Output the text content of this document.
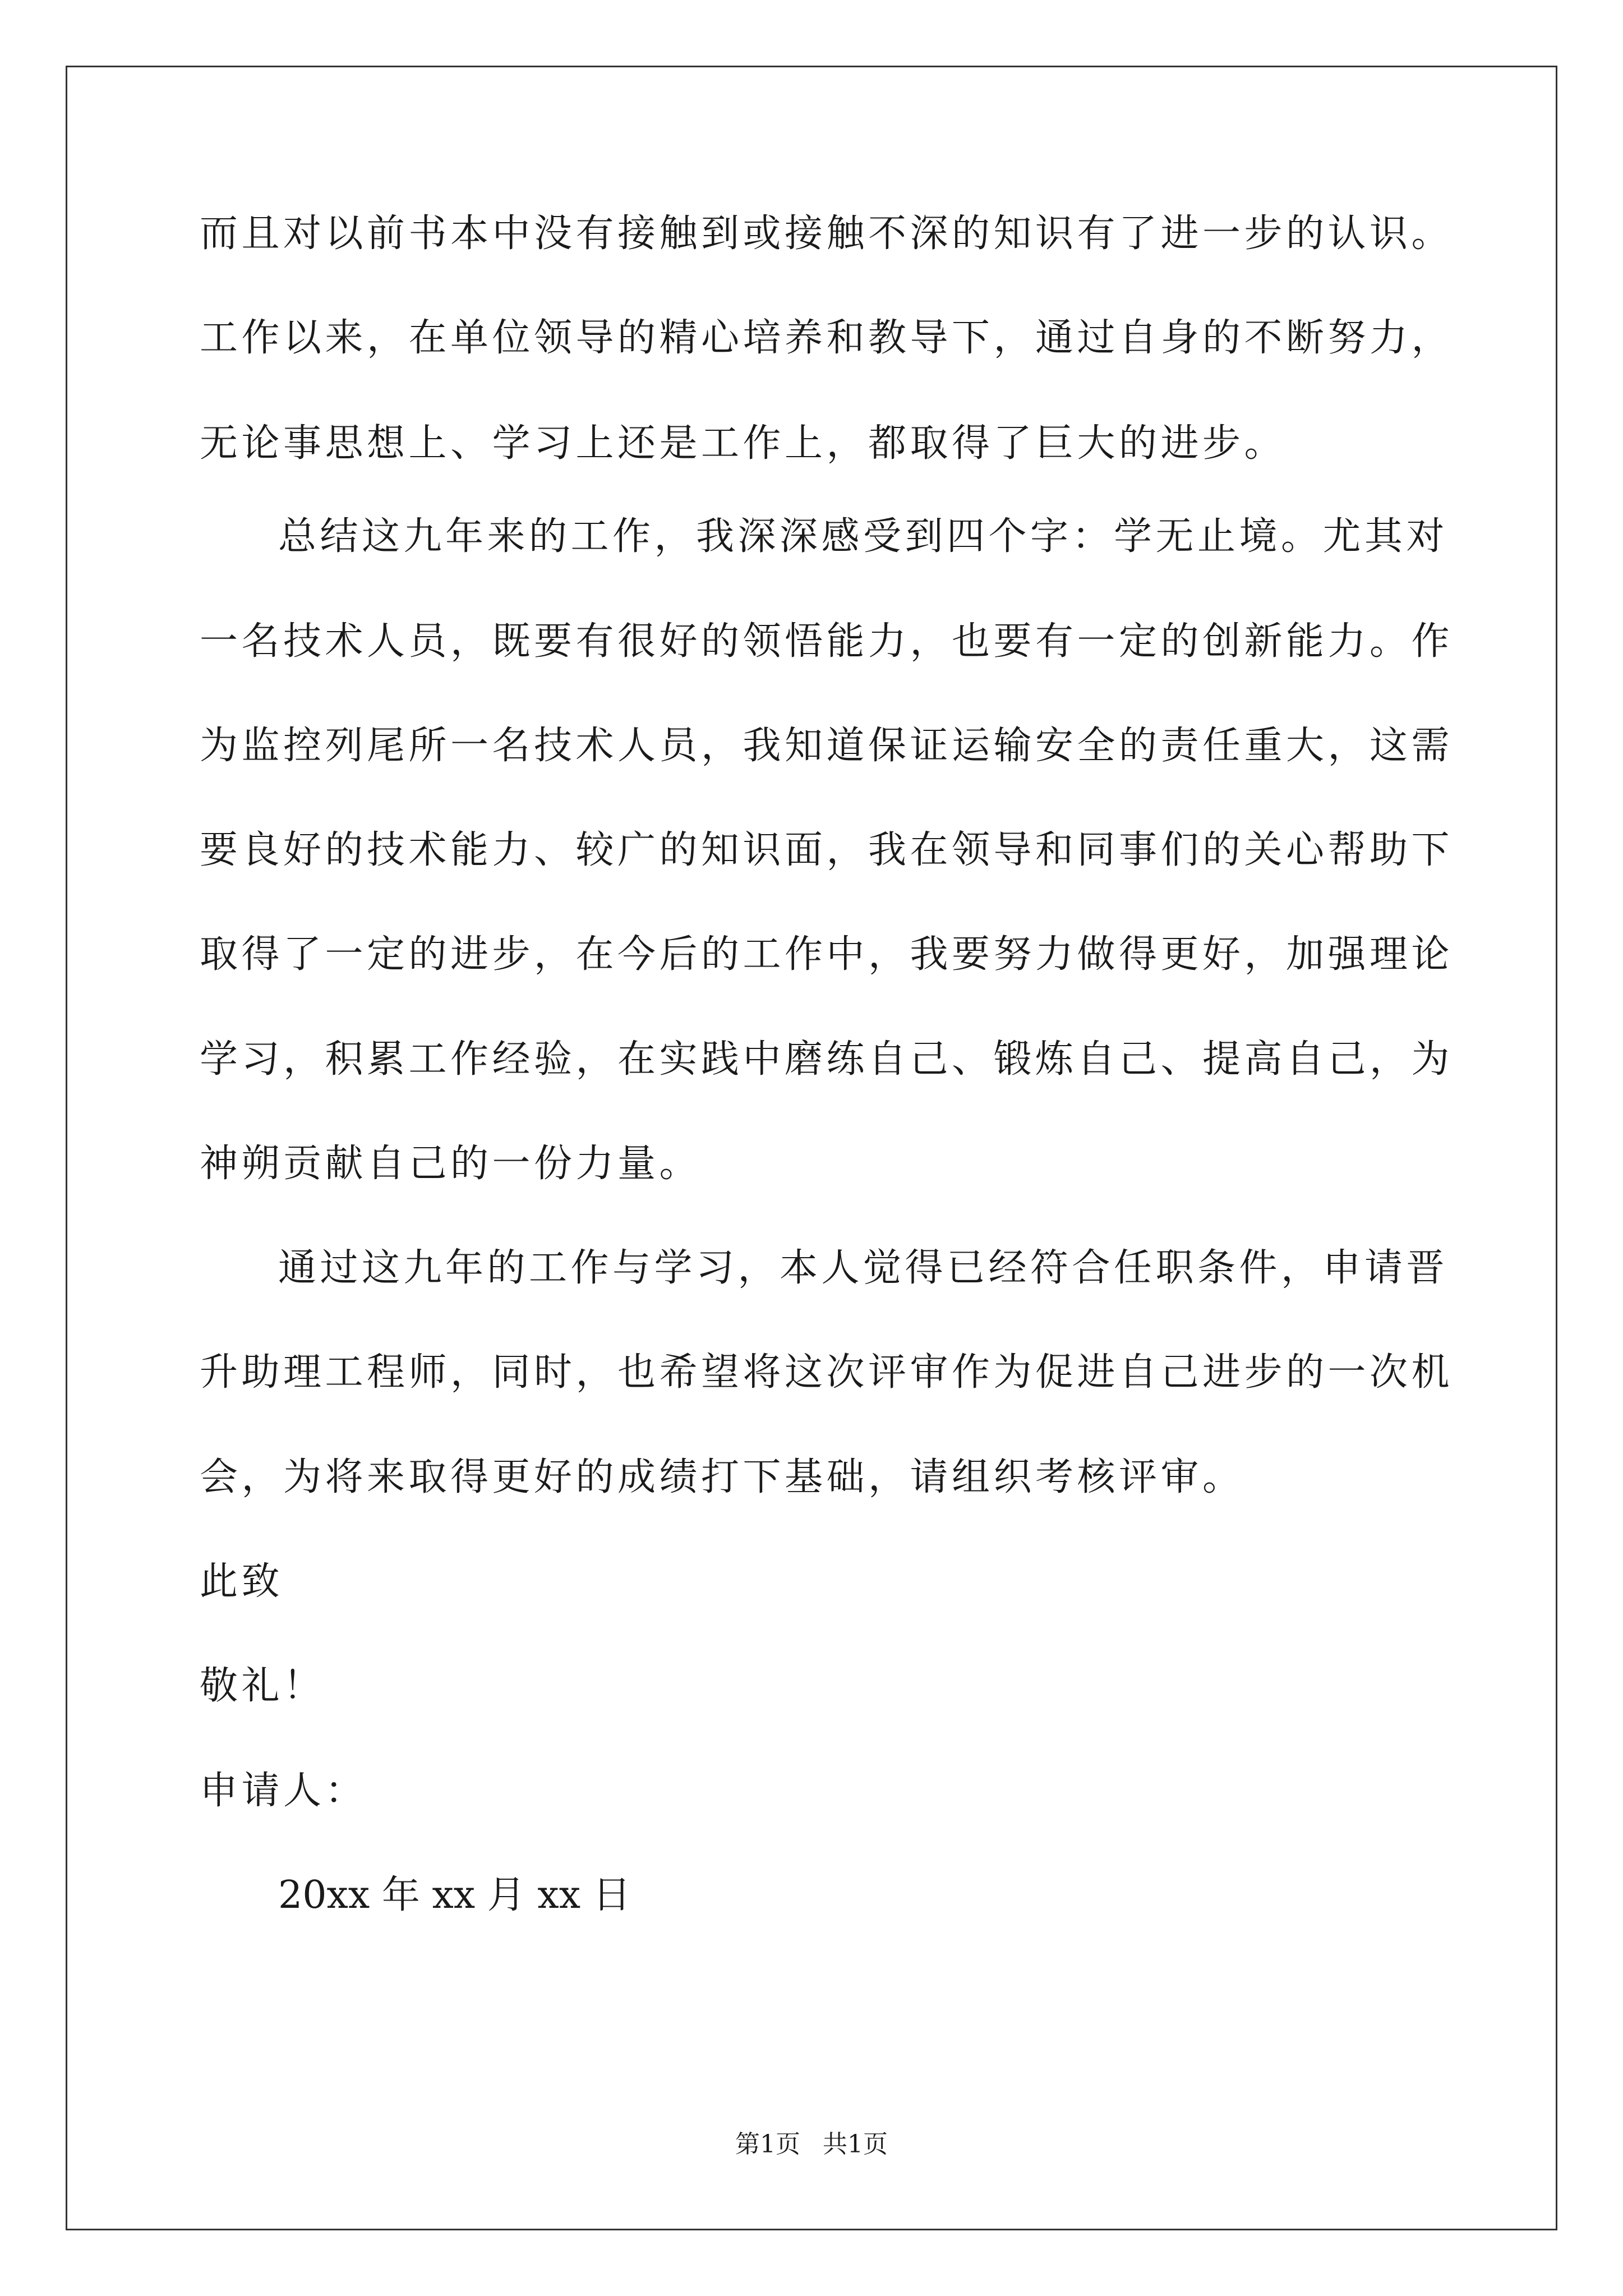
而且对以前书本中没有接触到或接触不深的知识有了进一步的认识。
工作以来，在单位领导的精心培养和教导下，通过自身的不断努力，
无论事思想上、学习上还是工作上，都取得了巨大的进步。
总结这九年来的工作，我深深感受到四个字：学无止境。尤其对
一名技术人员，既要有很好的领悟能力，也要有一定的创新能力。作
为监控列尾所一名技术人员，我知道保证运输安全的责任重大，这需
要良好的技术能力、较广的知识面，我在领导和同事们的关心帮助下
取得了一定的进步，在今后的工作中，我要努力做得更好，加强理论
学习，积累工作经验，在实践中磨练自己、锻炼自己、提高自己，为
神朔贡献自己的一份力量。
通过这九年的工作与学习，本人觉得已经符合任职条件，申请晋
升助理工程师，同时，也希望将这次评审作为促进自己进步的一次机
会，为将来取得更好的成绩打下基础，请组织考核评审。
此致
敬礼！
申请人：
20xx 年 xx 月 xx 日
第1页 共1页
